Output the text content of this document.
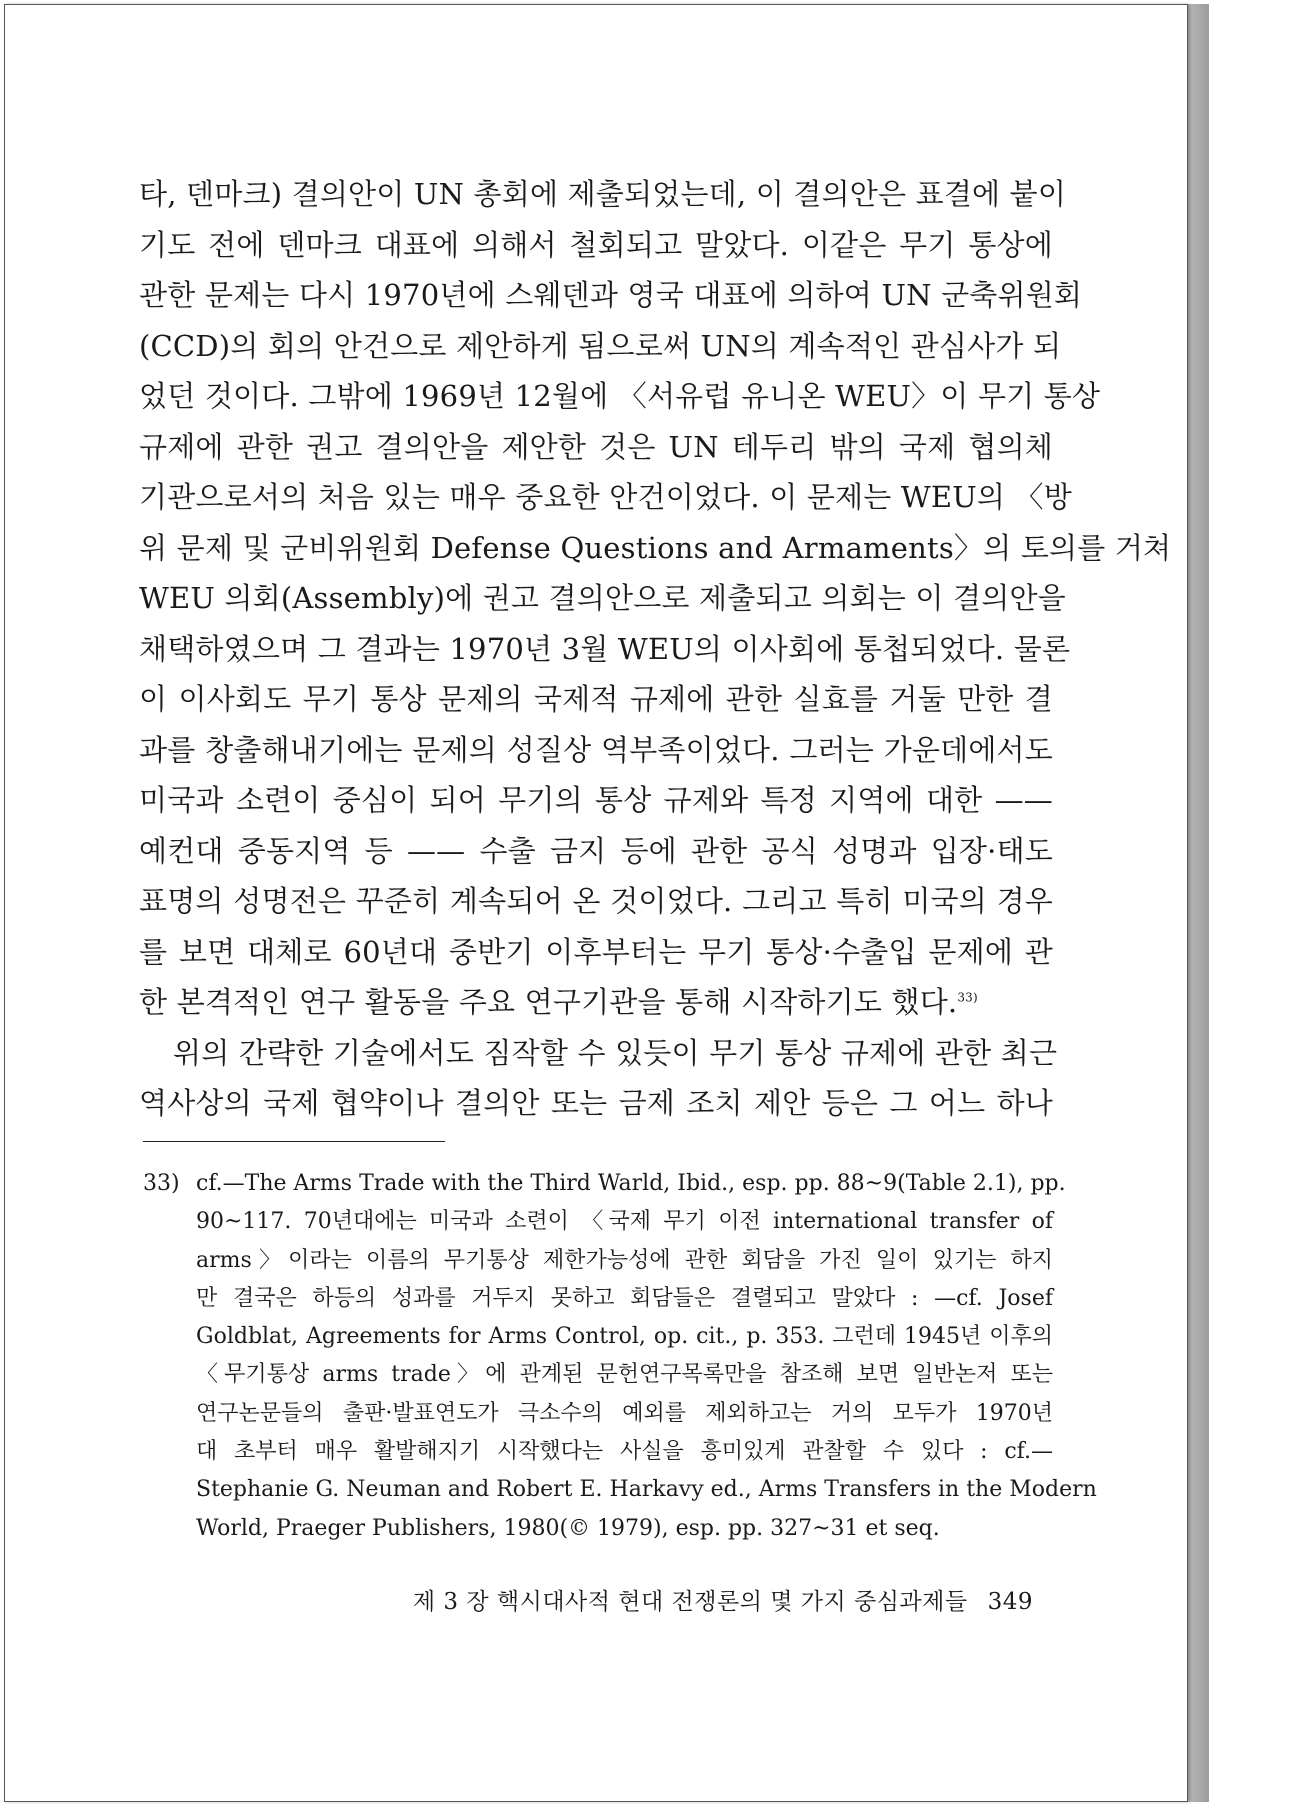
타, 덴마크) 결의안이 UN 총회에 제출되었는데, 이 결의안은 표결에 붙이
기도 전에 덴마크 대표에 의해서 철회되고 말았다. 이같은 무기 통상에
관한 문제는 다시 1970년에 스웨덴과 영국 대표에 의하여 UN 군축위원회
(CCD)의 회의 안건으로 제안하게 됨으로써 UN의 계속적인 관심사가 되
었던 것이다. 그밖에 1969년 12월에 〈서유럽 유니온 WEU〉이 무기 통상
규제에 관한 권고 결의안을 제안한 것은 UN 테두리 밖의 국제 협의체
기관으로서의 처음 있는 매우 중요한 안건이었다. 이 문제는 WEU의 〈방
위 문제 및 군비위원회 Defense Questions and Armaments〉의 토의를 거쳐
WEU 의회(Assembly)에 권고 결의안으로 제출되고 의회는 이 결의안을
채택하였으며 그 결과는 1970년 3월 WEU의 이사회에 통첩되었다. 물론
이 이사회도 무기 통상 문제의 국제적 규제에 관한 실효를 거둘 만한 결
과를 창출해내기에는 문제의 성질상 역부족이었다. 그러는 가운데에서도
미국과 소련이 중심이 되어 무기의 통상 규제와 특정 지역에 대한 ——
예컨대 중동지역 등 —— 수출 금지 등에 관한 공식 성명과 입장·태도
표명의 성명전은 꾸준히 계속되어 온 것이었다. 그리고 특히 미국의 경우
를 보면 대체로 60년대 중반기 이후부터는 무기 통상·수출입 문제에 관
한 본격적인 연구 활동을 주요 연구기관을 통해 시작하기도 했다.$^{33)}$
위의 간략한 기술에서도 짐작할 수 있듯이 무기 통상 규제에 관한 최근
역사상의 국제 협약이나 결의안 또는 금제 조치 제안 등은 그 어느 하나
33) cf.—The Arms Trade with the Third Warld, Ibid., esp. pp. 88~9(Table 2.1), pp.
90~117. 70년대에는 미국과 소련이 〈국제 무기 이전 international transfer of
arms〉이라는 이름의 무기통상 제한가능성에 관한 회담을 가진 일이 있기는 하지
만 결국은 하등의 성과를 거두지 못하고 회담들은 결렬되고 말았다 : —cf. Josef
Goldblat, Agreements for Arms Control, op. cit., p. 353. 그런데 1945년 이후의
〈무기통상 arms trade〉에 관계된 문헌연구목록만을 참조해 보면 일반논저 또는
연구논문들의 출판·발표연도가 극소수의 예외를 제외하고는 거의 모두가 1970년
대 초부터 매우 활발해지기 시작했다는 사실을 흥미있게 관찰할 수 있다 : cf.—
Stephanie G. Neuman and Robert E. Harkavy ed., Arms Transfers in the Modern
World, Praeger Publishers, 1980(© 1979), esp. pp. 327~31 et seq.
제 3 장 핵시대사적 현대 전쟁론의 몇 가지 중심과제들 349
